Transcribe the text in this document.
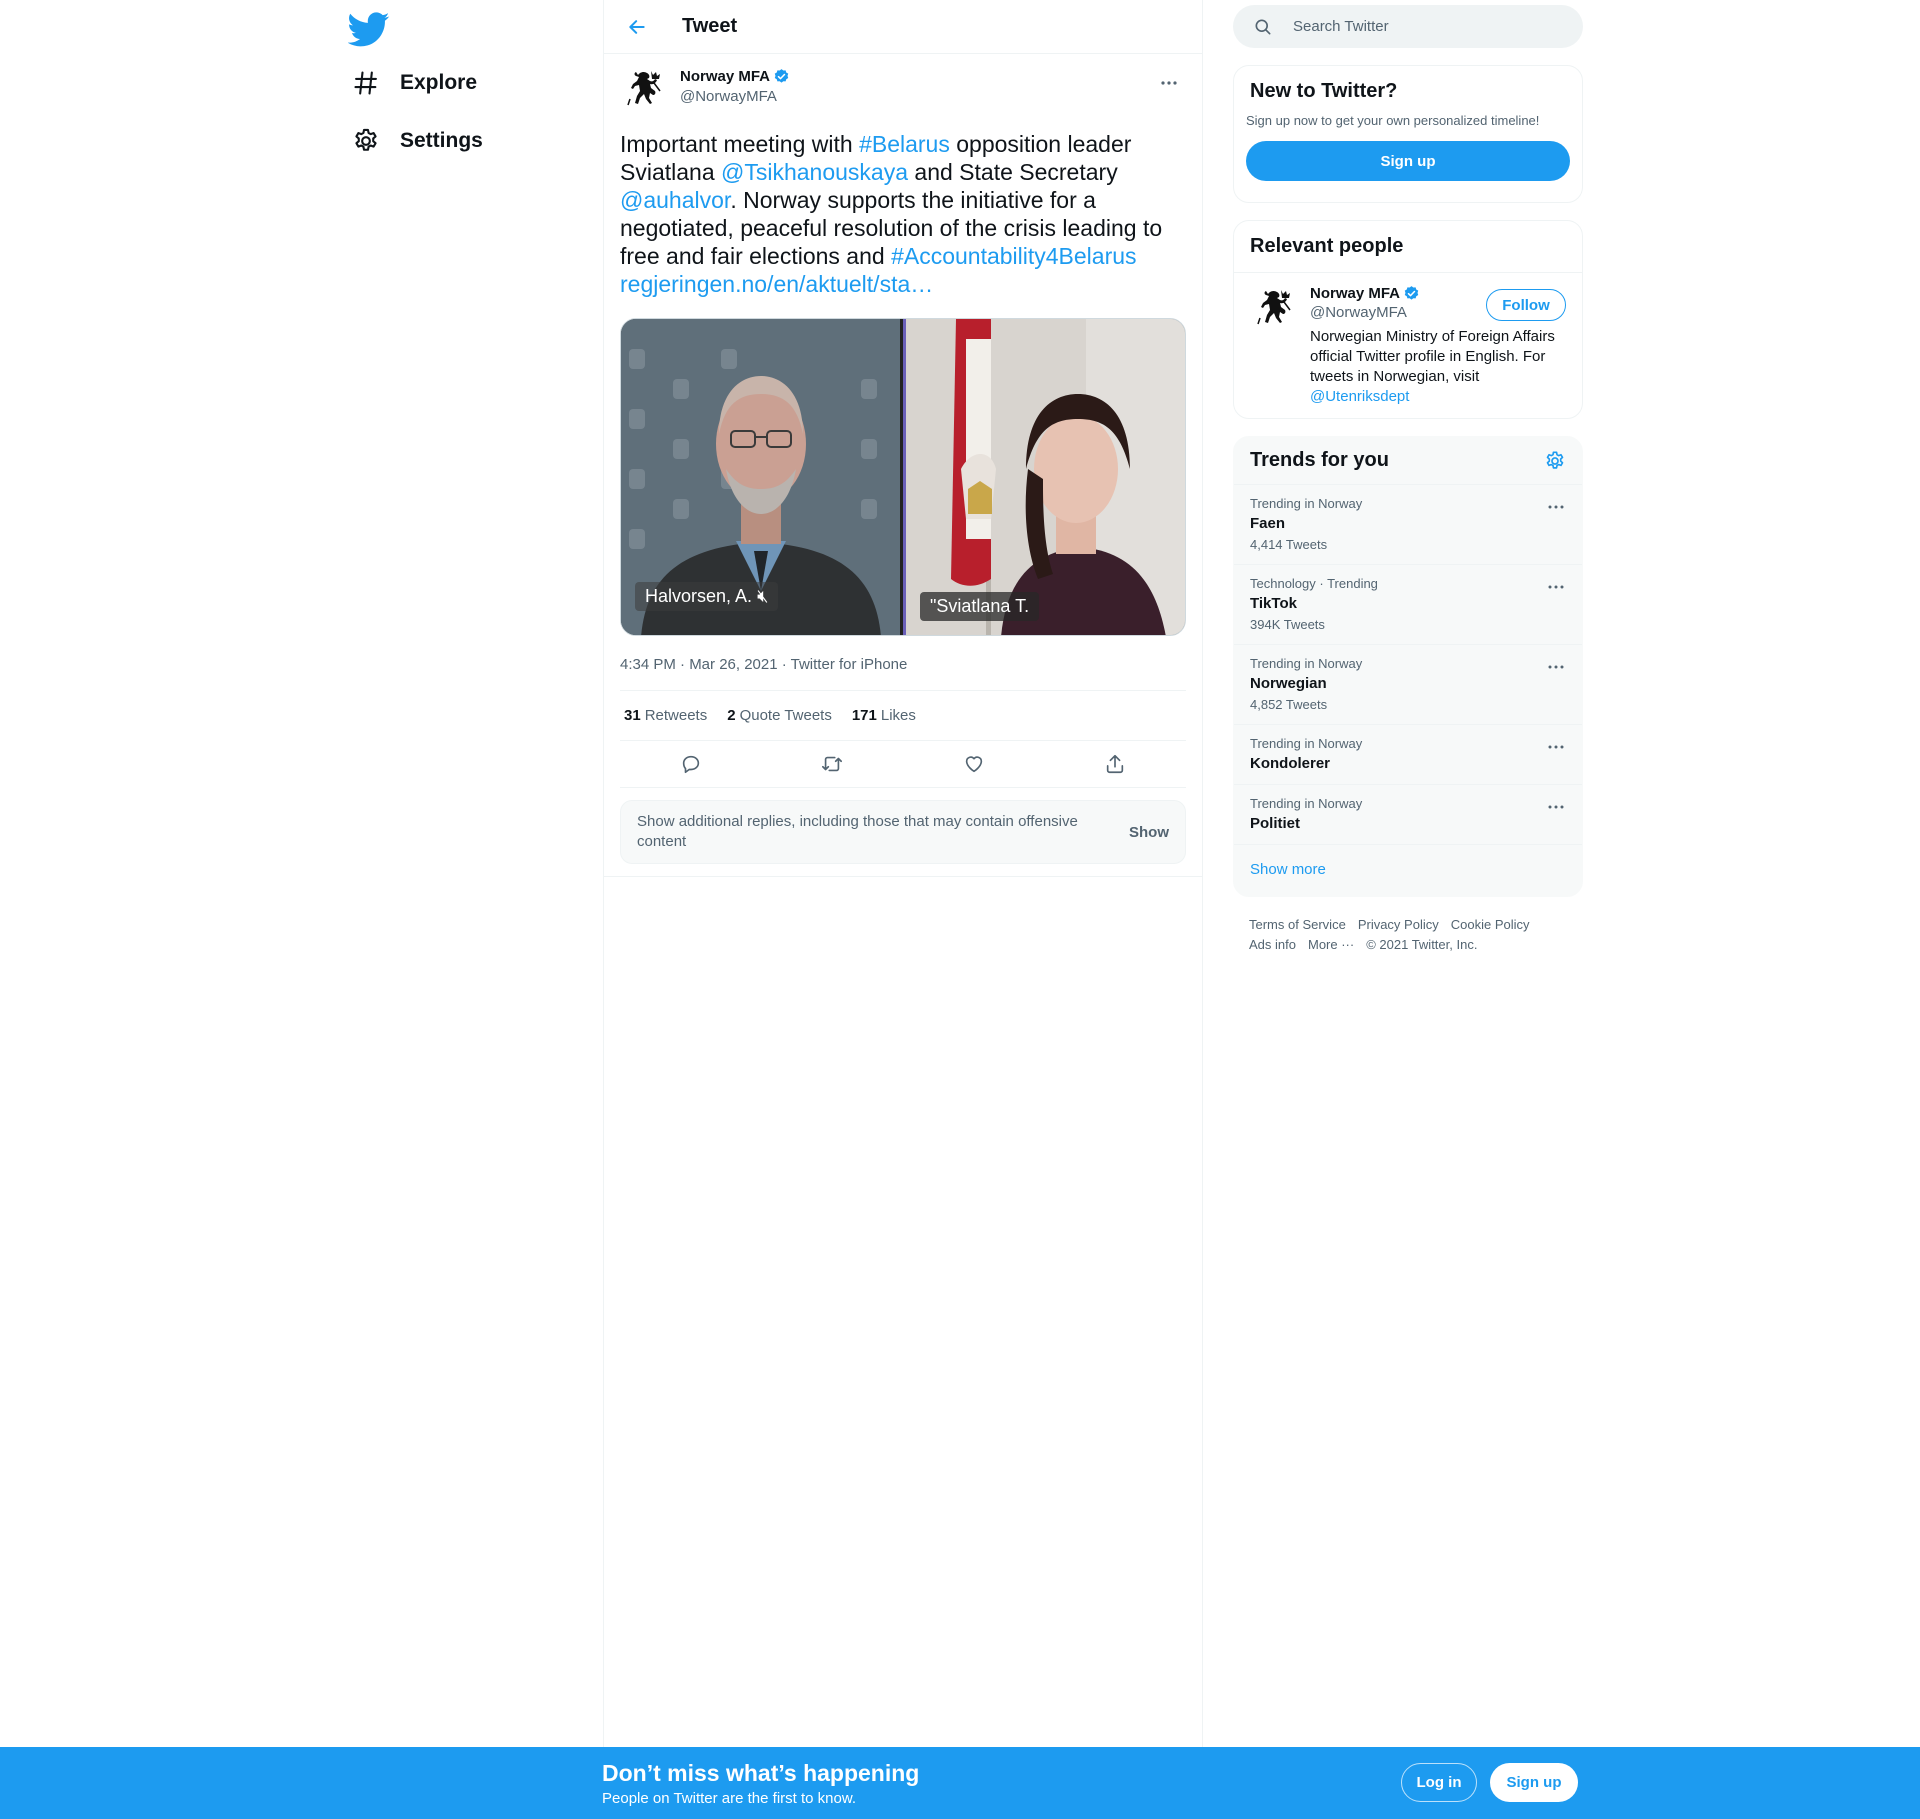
Explore
Settings
Tweet
Norway MFA
@NorwayMFA
Important meeting with #Belarus opposition leader Sviatlana @Tsikhanouskaya and State Secretary
@auhalvor. Norway supports the initiative for a negotiated, peaceful resolution of the crisis leading to free and fair elections and #Accountability4Belarus
regjeringen.no/en/aktuelt/sta…
Halvorsen, A. 🔇︎	"Sviatlana T.
4:34 PM · Mar 26, 2021 · Twitter for iPhone
31 Retweets 2 Quote Tweets 171 Likes
Show additional replies, including those that may contain offensive content
Show
Search Twitter
New to Twitter?
Sign up now to get your own personalized timeline!
Sign up
Relevant people
Norway MFA
@NorwayMFA
Norwegian Ministry of Foreign Affairs official Twitter profile in English. For tweets in Norwegian, visit @Utenriksdept
Follow
Trends for you
Trending in Norway
Faen
4,414 Tweets
Technology · Trending
TikTok
394K Tweets
Trending in Norway
Norwegian
4,852 Tweets
Trending in Norway
Kondolerer
Trending in Norway
Politiet
Show more
Terms of Service Privacy Policy Cookie Policy
Ads info More ··· © 2021 Twitter, Inc.
Don’t miss what’s happening
People on Twitter are the first to know.
Log in	Sign up
